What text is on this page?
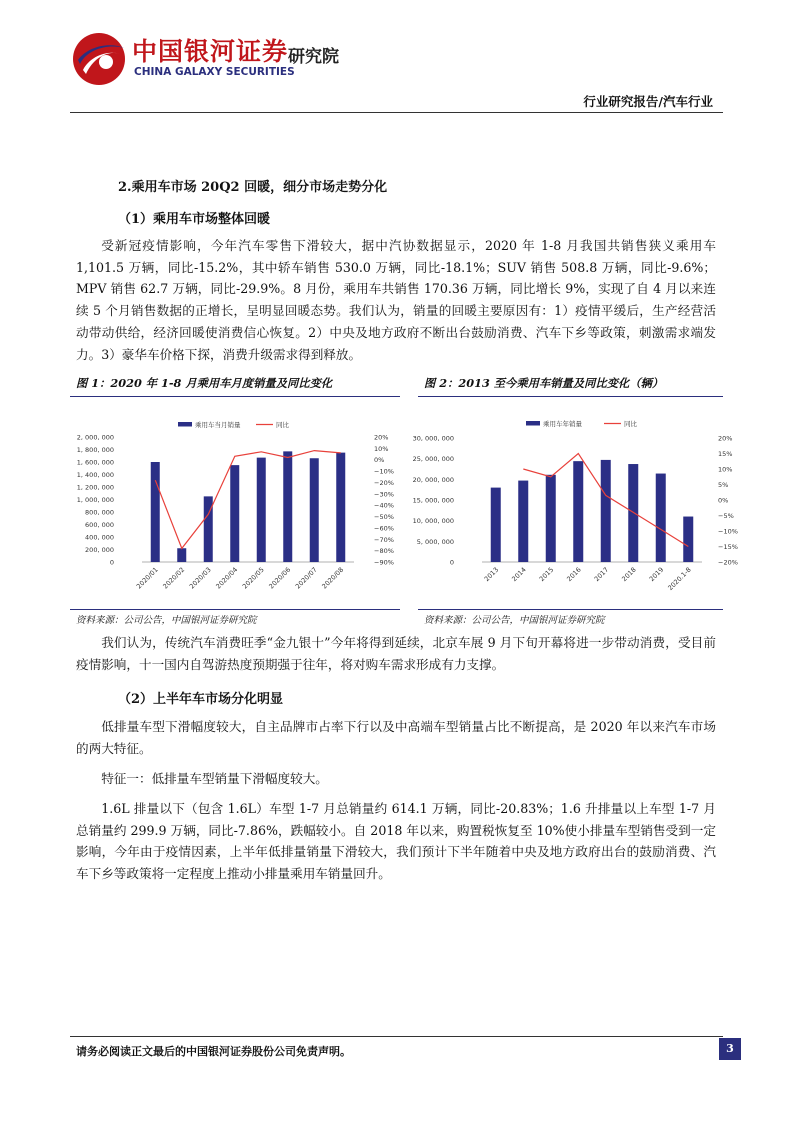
中国银河证券
CHINA GALAXY SECURITIES
研究院
行业研究报告/汽车行业
2.乘用车市场 20Q2 回暖，细分市场走势分化
（1）乘用车市场整体回暖
受新冠疫情影响，今年汽车零售下滑较大，据中汽协数据显示，2020 年 1-8 月我国共销售狭义乘用车 1,101.5 万辆，同比-15.2%，其中轿车销售 530.0 万辆，同比-18.1%；SUV 销售 508.8 万辆，同比-9.6%；MPV 销售 62.7 万辆，同比-29.9%。8 月份，乘用车共销售 170.36 万辆，同比增长 9%，实现了自 4 月以来连续 5 个月销售数据的正增长，呈明显回暖态势。我们认为，销量的回暖主要原因有：1）疫情平缓后，生产经营活动带动供给，经济回暖使消费信心恢复。2）中央及地方政府不断出台鼓励消费、汽车下乡等政策，刺激需求端发力。3）豪华车价格下探，消费升级需求得到释放。
图 1：2020 年 1-8 月乘用车月度销量及同比变化	图 2：2013 至今乘用车销量及同比变化（辆）
0
200, 000
400, 000
600, 000
800, 000
1, 000, 000
1, 200, 000
1, 400, 000
1, 600, 000
1, 800, 000
2, 000, 000
−90%
−80%
−70%
−60%
−50%
−40%
−30%
−20%
−10%
0%
10%
20%
2020/01 2020/02 2020/03 2020/04 2020/05 2020/06 2020/07 2020/08
乘用车当月销量	同比
0
5, 000, 000
10, 000, 000
15, 000, 000
20, 000, 000
25, 000, 000
30, 000, 000
−20%
−15%
−10%
−5%
0%
5%
10%
15%
20%
2013 2014 2015 2016 2017 2018 2019 2020.1-8
乘用车年销量	同比
资料来源：公司公告，中国银河证券研究院	资料来源：公司公告，中国银河证券研究院
我们认为，传统汽车消费旺季“金九银十”今年将得到延续，北京车展 9 月下旬开幕将进一步带动消费，受目前疫情影响，十一国内自驾游热度预期强于往年，将对购车需求形成有力支撑。
（2）上半年车市场分化明显
低排量车型下滑幅度较大，自主品牌市占率下行以及中高端车型销量占比不断提高，是 2020 年以来汽车市场的两大特征。
特征一：低排量车型销量下滑幅度较大。
1.6L 排量以下（包含 1.6L）车型 1-7 月总销量约 614.1 万辆，同比-20.83%；1.6 升排量以上车型 1-7 月总销量约 299.9 万辆，同比-7.86%，跌幅较小。自 2018 年以来，购置税恢复至 10%使小排量车型销售受到一定影响，今年由于疫情因素，上半年低排量销量下滑较大，我们预计下半年随着中央及地方政府出台的鼓励消费、汽车下乡等政策将一定程度上推动小排量乘用车销量回升。
请务必阅读正文最后的中国银河证券股份公司免责声明。	3
